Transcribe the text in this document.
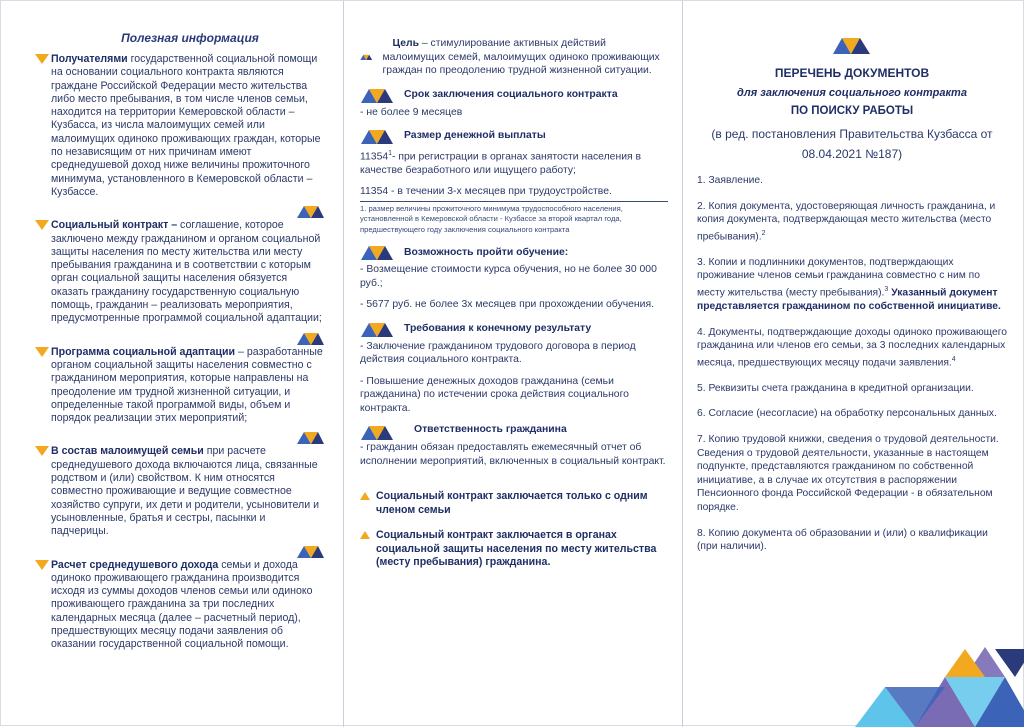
Полезная информация
Получателями государственной социальной помощи на основании социального контракта являются граждане Российской Федерации место жительства либо место пребывания, в том числе членов семьи, находится на территории Кемеровской области – Кузбасса, из числа малоимущих семей или малоимущих одиноко проживающих граждан, которые по независящим от них причинам имеют среднедушевой доход ниже величины прожиточного минимума, установленного в Кемеровской области – Кузбассе.
Социальный контракт – соглашение, которое заключено между гражданином и органом социальной защиты населения по месту жительства или месту пребывания гражданина и в соответствии с которым орган социальной защиты населения обязуется оказать гражданину государственную социальную помощь, гражданин – реализовать мероприятия, предусмотренные программой социальной адаптации;
Программа социальной адаптации – разработанные органом социальной защиты населения совместно с гражданином мероприятия, которые направлены на преодоление им трудной жизненной ситуации, и определенные такой программой виды, объем и порядок реализации этих мероприятий;
В состав малоимущей семьи при расчете среднедушевого дохода включаются лица, связанные родством и (или) свойством. К ним относятся совместно проживающие и ведущие совместное хозяйство супруги, их дети и родители, усыновители и усыновленные, братья и сестры, пасынки и падчерицы.
Расчет среднедушевого дохода семьи и дохода одиноко проживающего гражданина производится исходя из суммы доходов членов семьи или одиноко проживающего гражданина за три последних календарных месяца (далее – расчетный период), предшествующих месяцу подачи заявления об оказании государственной социальной помощи.
Цель – стимулирование активных действий малоимущих семей, малоимущих одиноко проживающих граждан по преодолению трудной жизненной ситуации.
Срок заключения социального контракта
- не более 9 месяцев
Размер денежной выплаты
11354$^1$- при регистрации в органах занятости населения в качестве безработного или ищущего работу;
11354 - в течении 3-х месяцев при трудоустройстве.
1. размер величины прожиточного минимума трудоспособного населения, установленной в Кемеровской области - Кузбассе за второй квартал года, предшествующего году заключения социального контракта
Возможность пройти обучение:
- Возмещение стоимости курса обучения, но не более 30 000 руб.;
- 5677 руб. не более 3х месяцев при прохождении обучения.
Требования к конечному результату
- Заключение гражданином трудового договора в период действия социального контракта.
- Повышение денежных доходов гражданина (семьи гражданина) по истечении срока действия социального контракта.
Ответственность гражданина
- гражданин обязан предоставлять ежемесячный отчет об исполнении мероприятий, включенных в социальный контракт.
Социальный контракт заключается только с одним членом семьи
Социальный контракт заключается в органах социальной защиты населения по месту жительства (месту пребывания) гражданина.
ПЕРЕЧЕНЬ ДОКУМЕНТОВ
для заключения социального контракта
ПО ПОИСКУ РАБОТЫ
(в ред. постановления Правительства Кузбасса от 08.04.2021 №187)
1. Заявление.
2. Копия документа, удостоверяющая личность гражданина, и копия документа, подтверждающая место жительства (место пребывания).$^2$
3. Копии и подлинники документов, подтверждающих проживание членов семьи гражданина совместно с ним по месту жительства (месту пребывания).$^3$ Указанный документ представляется гражданином по собственной инициативе.
4. Документы, подтверждающие доходы одиноко проживающего гражданина или членов его семьи, за 3 последних календарных месяца, предшествующих месяцу подачи заявления.$^4$
5. Реквизиты счета гражданина в кредитной организации.
6. Согласие (несогласие) на обработку персональных данных.
7. Копию трудовой книжки, сведения о трудовой деятельности. Сведения о трудовой деятельности, указанные в настоящем подпункте, представляются гражданином по собственной инициативе, а в случае их отсутствия в распоряжении Пенсионного фонда Российской Федерации - в обязательном порядке.
8. Копию документа об образовании и (или) о квалификации (при наличии).
